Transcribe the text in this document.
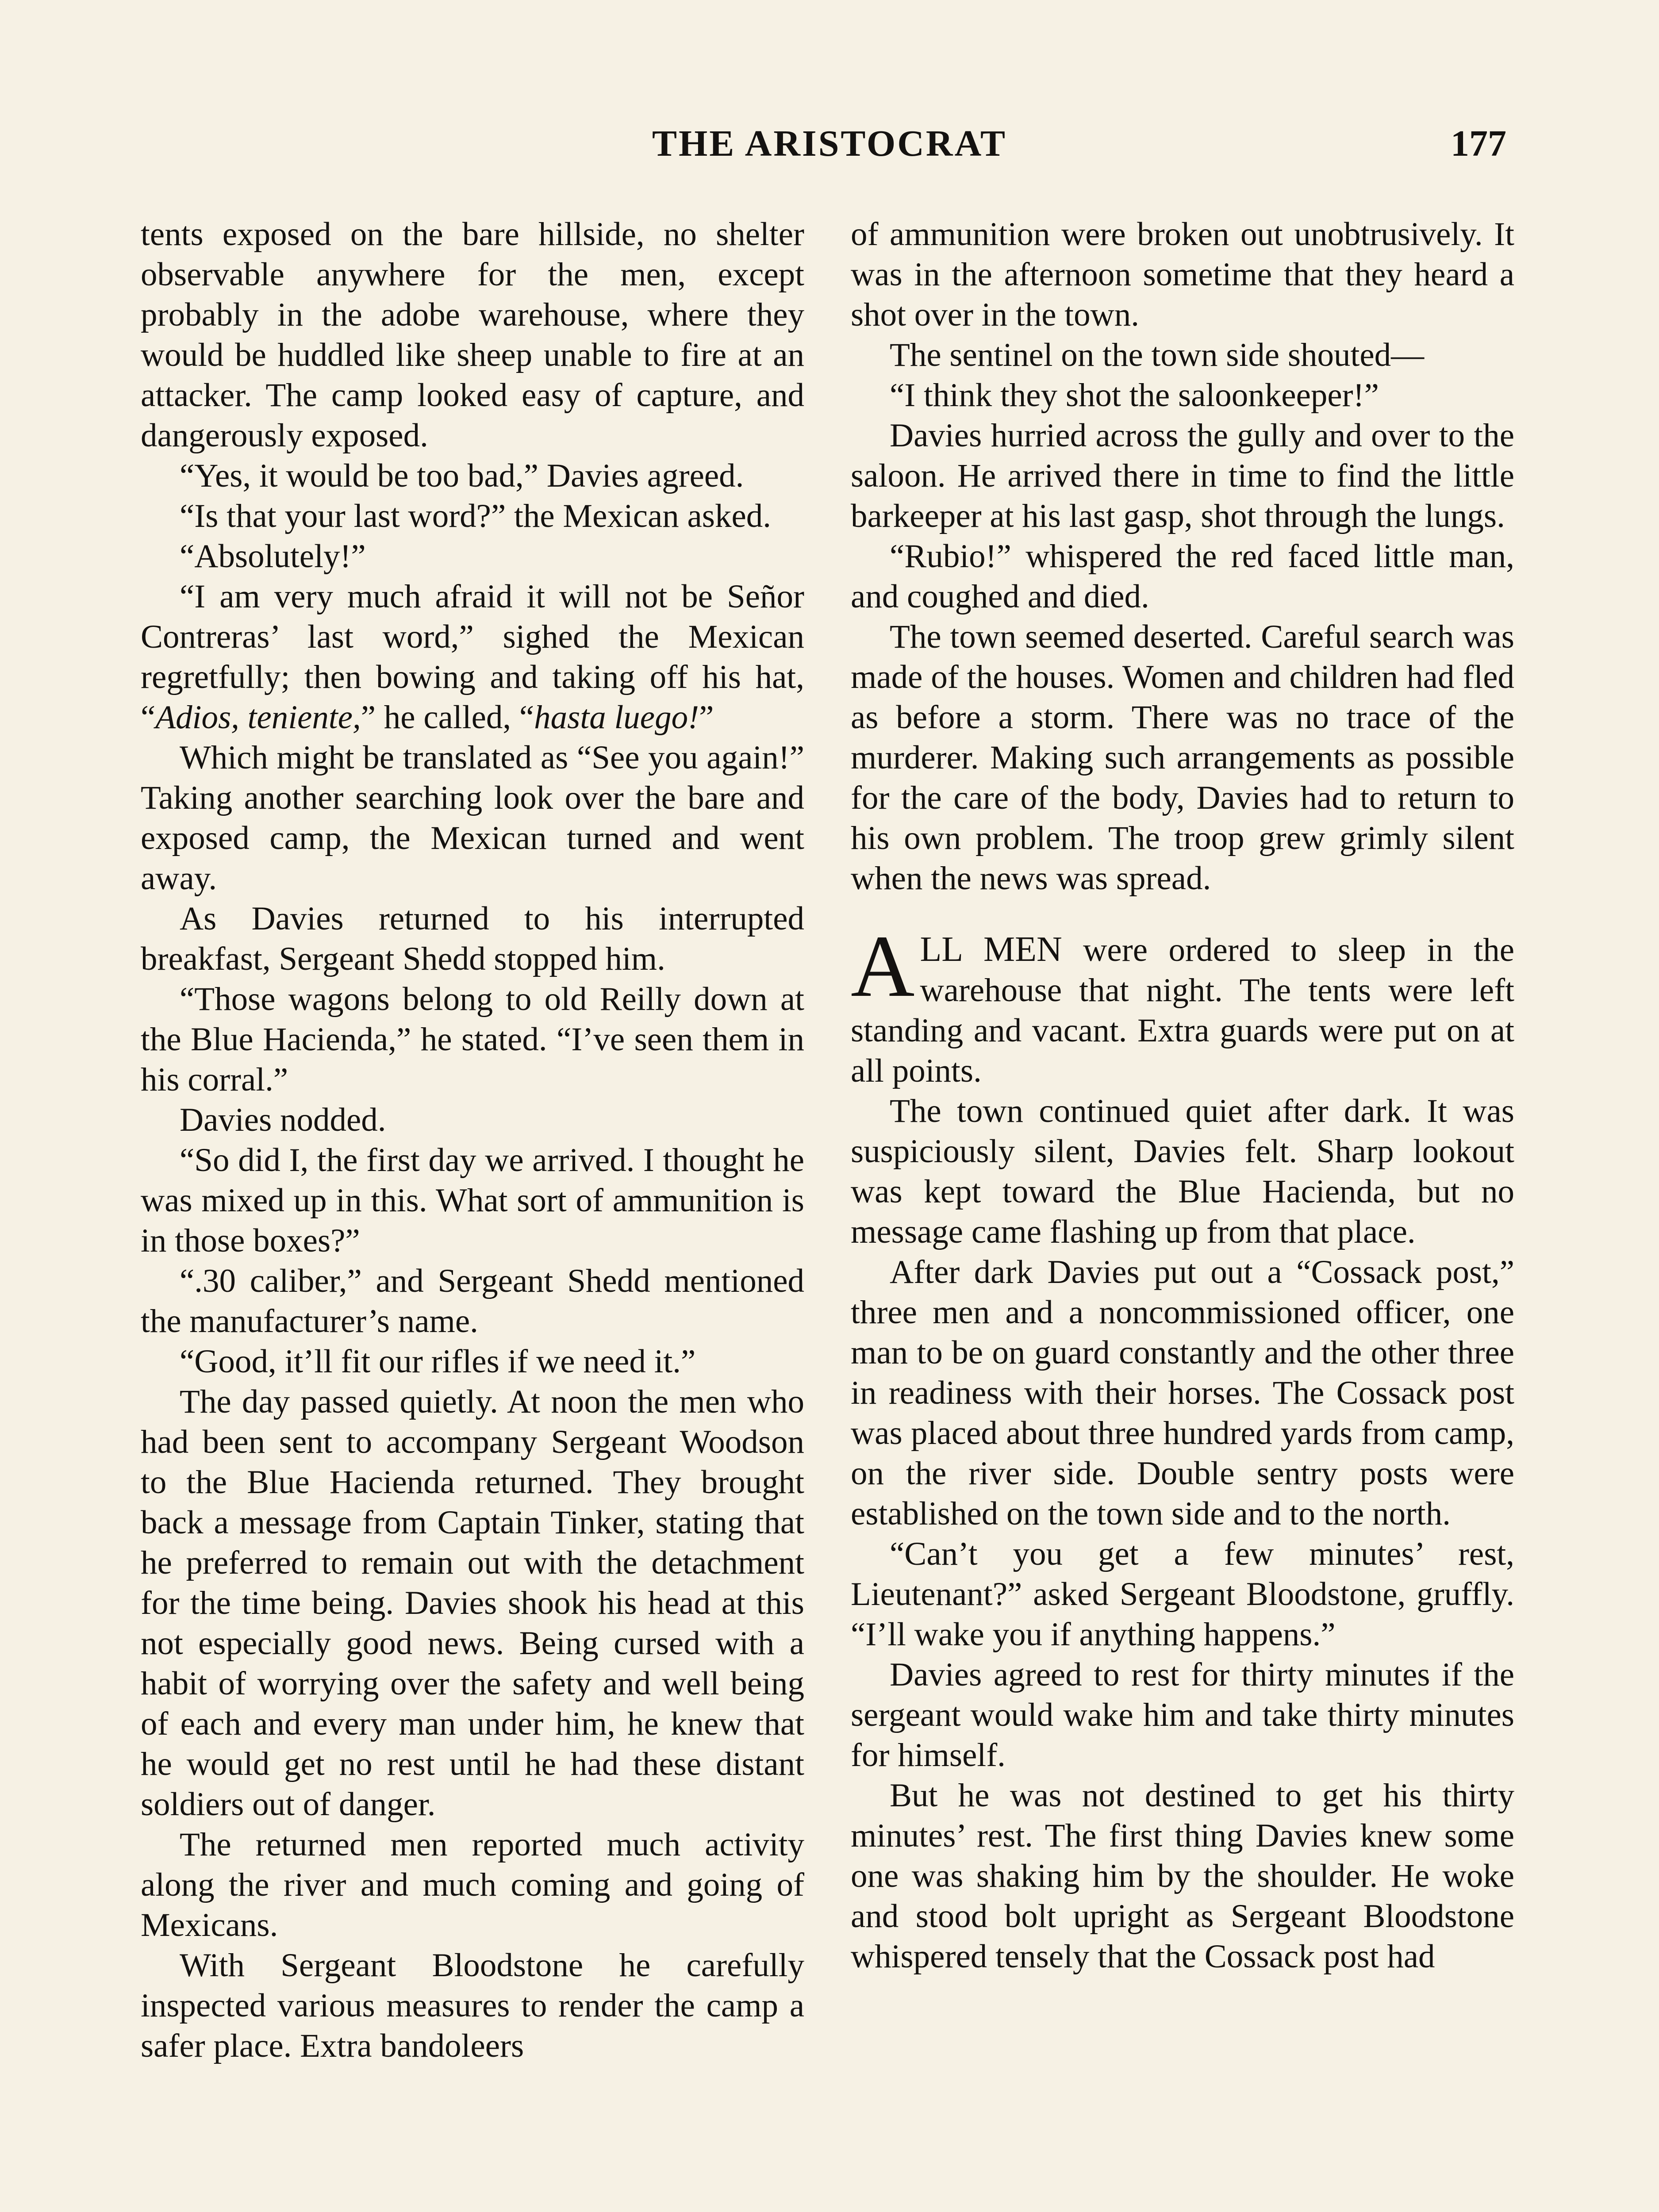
THE ARISTOCRAT	177

tents exposed on the bare hillside, no shelter observable anywhere for the men, except probably in the adobe warehouse, where they would be huddled like sheep unable to fire at an attacker. The camp looked easy of capture, and dangerously exposed.

“Yes, it would be too bad,” Davies agreed.

“Is that your last word?” the Mexican asked.

“Absolutely!”

“I am very much afraid it will not be Señor Contreras’ last word,” sighed the Mexican regretfully; then bowing and taking off his hat, “Adios, teniente,” he called, “hasta luego!”

Which might be translated as “See you again!” Taking another searching look over the bare and exposed camp, the Mexican turned and went away.

As Davies returned to his interrupted breakfast, Sergeant Shedd stopped him.

“Those wagons belong to old Reilly down at the Blue Hacienda,” he stated. “I’ve seen them in his corral.”

Davies nodded.

“So did I, the first day we arrived. I thought he was mixed up in this. What sort of ammunition is in those boxes?”

“.30 caliber,” and Sergeant Shedd mentioned the manufacturer’s name.

“Good, it’ll fit our rifles if we need it.”

The day passed quietly. At noon the men who had been sent to accompany Sergeant Woodson to the Blue Hacienda returned. They brought back a message from Captain Tinker, stating that he preferred to remain out with the detachment for the time being. Davies shook his head at this not especially good news. Being cursed with a habit of worrying over the safety and well being of each and every man under him, he knew that he would get no rest until he had these distant soldiers out of danger.

The returned men reported much activity along the river and much coming and going of Mexicans.

With Sergeant Bloodstone he carefully inspected various measures to render the camp a safer place. Extra bandoleers

of ammunition were broken out unobtrusively. It was in the afternoon sometime that they heard a shot over in the town.

The sentinel on the town side shouted—

“I think they shot the saloonkeeper!”

Davies hurried across the gully and over to the saloon. He arrived there in time to find the little barkeeper at his last gasp, shot through the lungs.

“Rubio!” whispered the red faced little man, and coughed and died.

The town seemed deserted. Careful search was made of the houses. Women and children had fled as before a storm. There was no trace of the murderer. Making such arrangements as possible for the care of the body, Davies had to return to his own problem. The troop grew grimly silent when the news was spread.

ALL MEN were ordered to sleep in the warehouse that night. The tents were left standing and vacant. Extra guards were put on at all points.

The town continued quiet after dark. It was suspiciously silent, Davies felt. Sharp lookout was kept toward the Blue Hacienda, but no message came flashing up from that place.

After dark Davies put out a “Cossack post,” three men and a noncommissioned officer, one man to be on guard constantly and the other three in readiness with their horses. The Cossack post was placed about three hundred yards from camp, on the river side. Double sentry posts were established on the town side and to the north.

“Can’t you get a few minutes’ rest, Lieutenant?” asked Sergeant Bloodstone, gruffly. “I’ll wake you if anything happens.”

Davies agreed to rest for thirty minutes if the sergeant would wake him and take thirty minutes for himself.

But he was not destined to get his thirty minutes’ rest. The first thing Davies knew some one was shaking him by the shoulder. He woke and stood bolt upright as Sergeant Bloodstone whispered tensely that the Cossack post had
